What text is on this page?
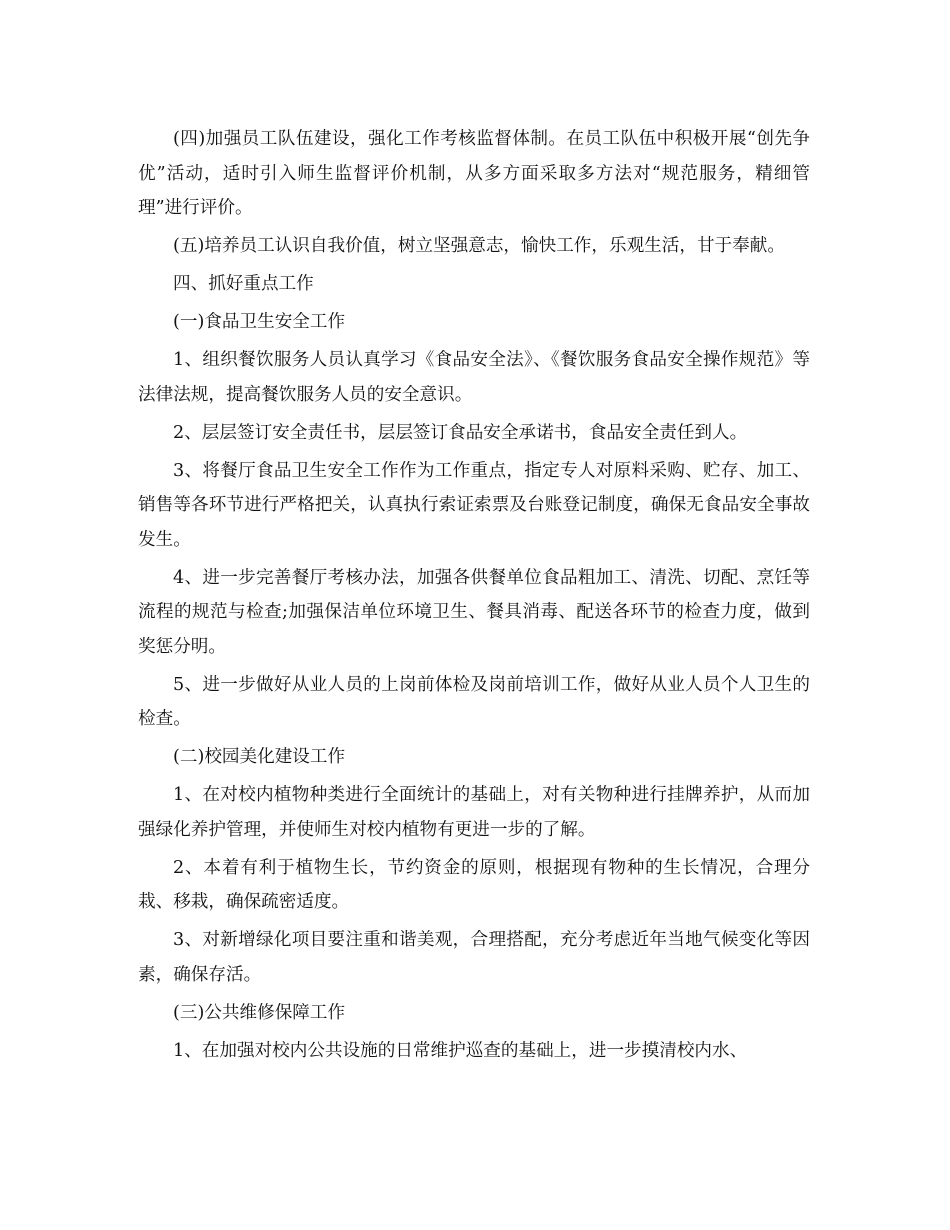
(四)加强员工队伍建设，强化工作考核监督体制。在员工队伍中积极开展“创先争优”活动，适时引入师生监督评价机制，从多方面采取多方法对“规范服务，精细管理”进行评价。

(五)培养员工认识自我价值，树立坚强意志，愉快工作，乐观生活，甘于奉献。

四、抓好重点工作

(一)食品卫生安全工作

1、组织餐饮服务人员认真学习《食品安全法》、《餐饮服务食品安全操作规范》等法律法规，提高餐饮服务人员的安全意识。

2、层层签订安全责任书，层层签订食品安全承诺书，食品安全责任到人。

3、将餐厅食品卫生安全工作作为工作重点，指定专人对原料采购、贮存、加工、销售等各环节进行严格把关，认真执行索证索票及台账登记制度，确保无食品安全事故发生。

4、进一步完善餐厅考核办法，加强各供餐单位食品粗加工、清洗、切配、烹饪等流程的规范与检查;加强保洁单位环境卫生、餐具消毒、配送各环节的检查力度，做到奖惩分明。

5、进一步做好从业人员的上岗前体检及岗前培训工作，做好从业人员个人卫生的检查。

(二)校园美化建设工作

1、在对校内植物种类进行全面统计的基础上，对有关物种进行挂牌养护，从而加强绿化养护管理，并使师生对校内植物有更进一步的了解。

2、本着有利于植物生长，节约资金的原则，根据现有物种的生长情况，合理分栽、移栽，确保疏密适度。

3、对新增绿化项目要注重和谐美观，合理搭配，充分考虑近年当地气候变化等因素，确保存活。

(三)公共维修保障工作

1、在加强对校内公共设施的日常维护巡查的基础上，进一步摸清校内水、
